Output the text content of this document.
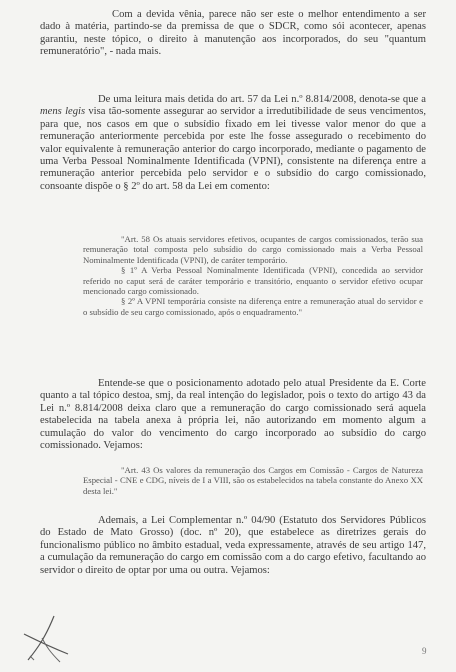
Com a devida vênia, parece não ser este o melhor entendimento a ser dado à matéria, partindo-se da premissa de que o SDCR, como sói acontecer, apenas garantiu, neste tópico, o direito à manutenção aos incorporados, do seu "quantum remuneratório", - nada mais.

De uma leitura mais detida do art. 57 da Lei n.º 8.814/2008, denota-se que a mens legis visa tão-somente assegurar ao servidor a irredutibilidade de seus vencimentos, para que, nos casos em que o subsídio fixado em lei tivesse valor menor do que a remuneração anteriormente percebida por este lhe fosse assegurado o recebimento do valor equivalente à remuneração anterior do cargo incorporado, mediante o pagamento de uma Verba Pessoal Nominalmente Identificada (VPNI), consistente na diferença entre a remuneração anterior percebida pelo servidor e o subsídio do cargo comissionado, consoante dispõe o § 2º do art. 58 da Lei em comento:

"Art. 58 Os atuais servidores efetivos, ocupantes de cargos comissionados, terão sua remuneração total composta pelo subsídio do cargo comissionado mais a Verba Pessoal Nominalmente Identificada (VPNI), de caráter temporário.

§ 1º A Verba Pessoal Nominalmente Identificada (VPNI), concedida ao servidor referido no caput será de caráter temporário e transitório, enquanto o servidor efetivo ocupar mencionado cargo comissionado.

§ 2º A VPNI temporária consiste na diferença entre a remuneração atual do servidor e o subsídio de seu cargo comissionado, após o enquadramento."

Entende-se que o posicionamento adotado pelo atual Presidente da E. Corte quanto a tal tópico destoa, smj, da real intenção do legislador, pois o texto do artigo 43 da Lei n.º 8.814/2008 deixa claro que a remuneração do cargo comissionado será aquela estabelecida na tabela anexa à própria lei, não autorizando em momento algum a cumulação do valor do vencimento do cargo incorporado ao subsídio do cargo comissionado. Vejamos:

"Art. 43 Os valores da remuneração dos Cargos em Comissão - Cargos de Natureza Especial - CNE e CDG, níveis de I a VIII, são os estabelecidos na tabela constante do Anexo XX desta lei."

Ademais, a Lei Complementar n.º 04/90 (Estatuto dos Servidores Públicos do Estado de Mato Grosso) (doc. nº 20), que estabelece as diretrizes gerais do funcionalismo público no âmbito estadual, veda expressamente, através de seu artigo 147, a cumulação da remuneração do cargo em comissão com a do cargo efetivo, facultando ao servidor o direito de optar por uma ou outra. Vejamos:

9
